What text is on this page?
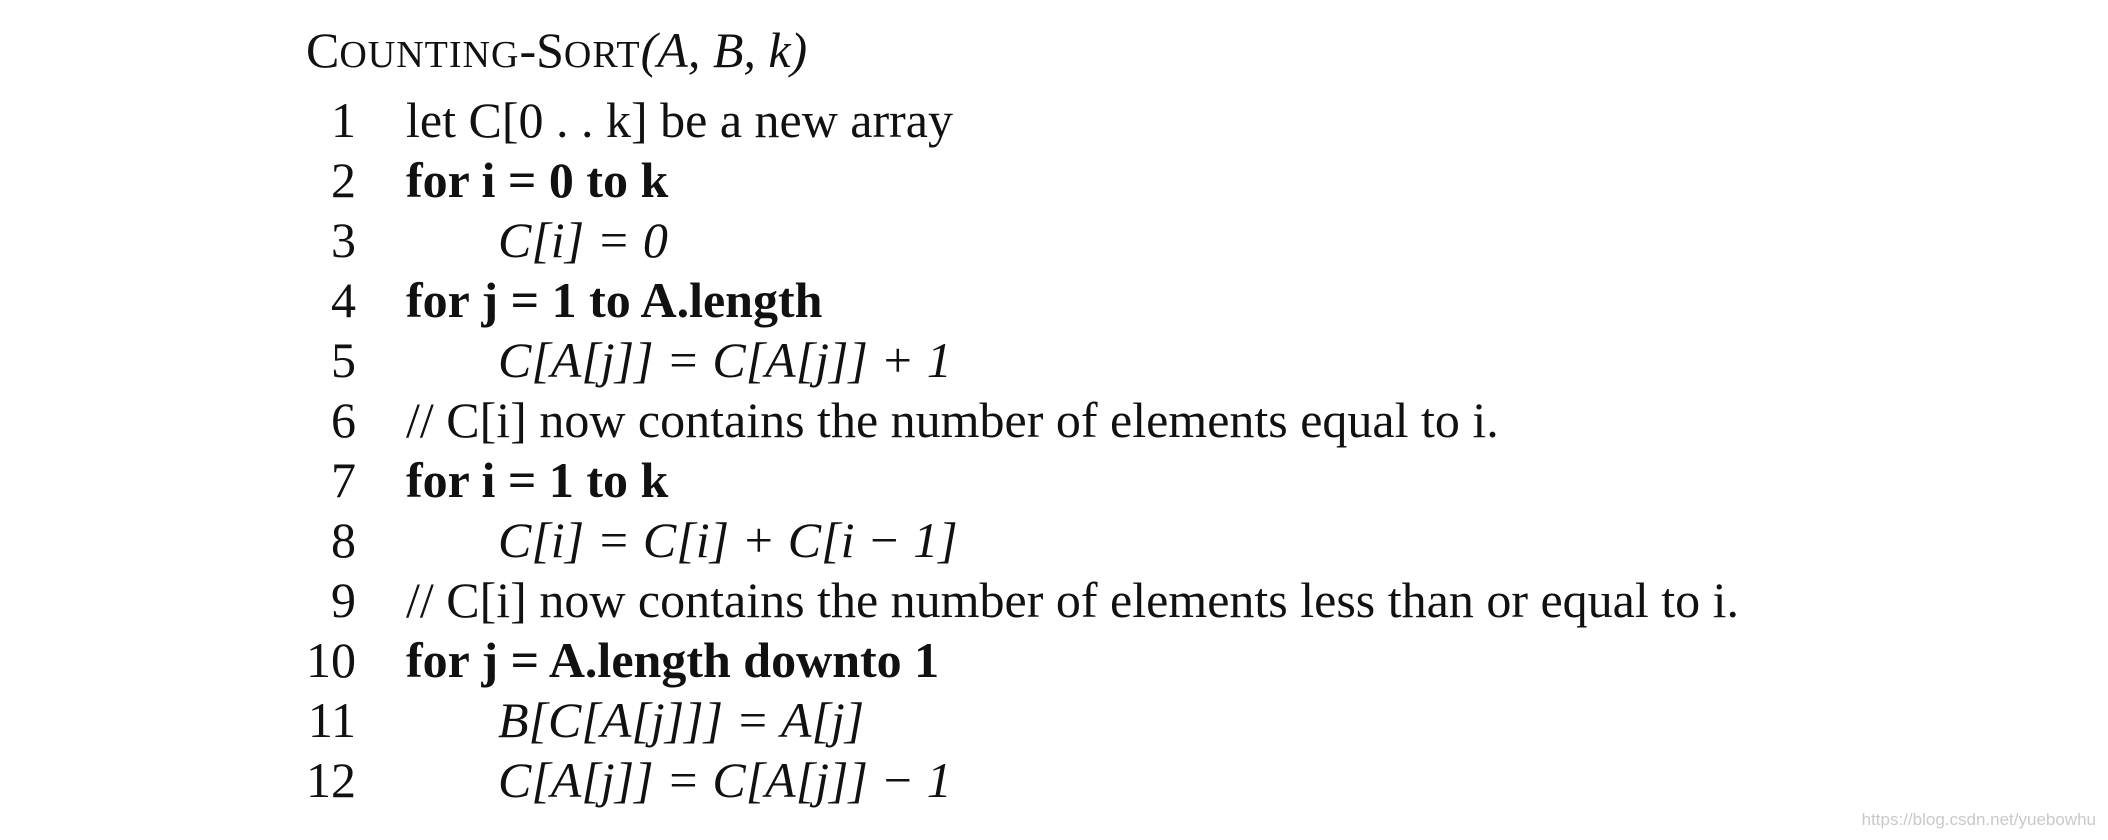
COUNTING-SORT(A, B, k)
1 let C[0 . . k] be a new array
2 for i = 0 to k
3	C[i] = 0
4 for j = 1 to A.length
5	C[A[j]] = C[A[j]] + 1
6 // C[i] now contains the number of elements equal to i.
7 for i = 1 to k
8	C[i] = C[i] + C[i − 1]
9 // C[i] now contains the number of elements less than or equal to i.
10 for j = A.length downto 1
11	B[C[A[j]]] = A[j]
12	C[A[j]] = C[A[j]] − 1
https://blog.csdn.net/yuebowhu
